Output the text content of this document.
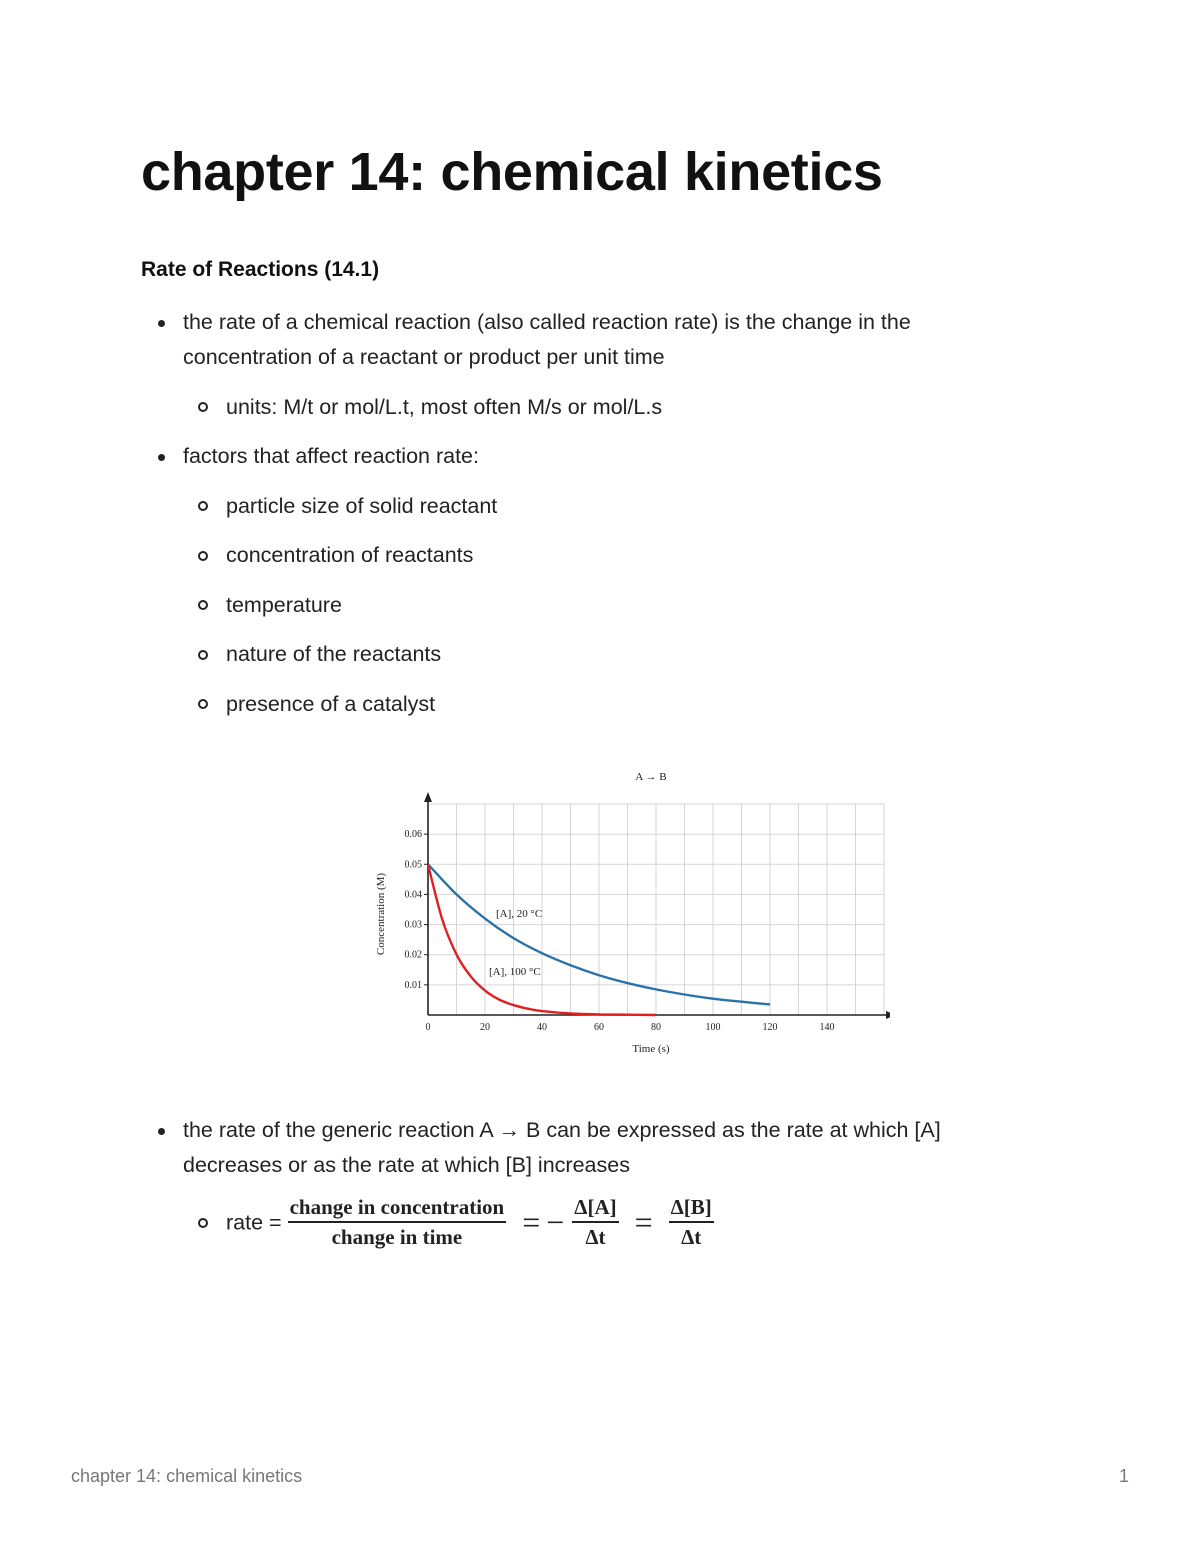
chapter 14: chemical kinetics
Rate of Reactions (14.1)

the rate of a chemical reaction (also called reaction rate) is the change in the
concentration of a reactant or product per unit time

units: M/t or mol/L.t, most often M/s or mol/L.s

factors that affect reaction rate:

particle size of solid reactant

concentration of reactants

temperature

nature of the reactants

presence of a catalyst

A → B
0	20	40	60	80	100	120	140
0.01
0.02
0.03
0.04
0.05
0.06
Time (s)
Concentration (M)	[A], 20 °C
[A], 100 °C

the rate of the generic reaction A → B can be expressed as the rate at which [A]
decreases or as the rate at which [B] increases

rate = $\frac{\text{change in concentration}}{\text{change in time}}$ = − $\frac{\Delta[A]}{\Delta t} = \frac{\Delta[B]}{\Delta t}$
chapter 14: chemical kinetics	1
